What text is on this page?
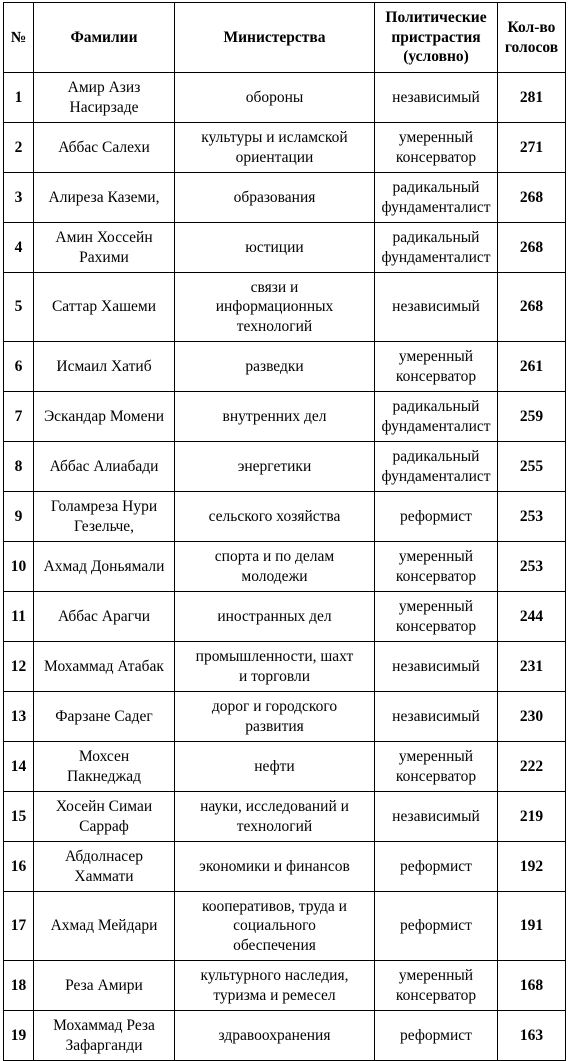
№	Фамилии	Министерства	Политические
пристрастия
(условно)	Кол-во
голосов

1	Амир Азиз
Насирзаде	обороны	независимый	281
2	Аббас Салехи	культуры и исламской
ориентации	умеренный
консерватор	271
3	Алиреза Каземи,	образования	радикальный
фундаменталист	268
4	Амин Хоссейн
Рахими	юстиции	радикальный
фундаменталист	268
5	Саттар Хашеми	связи и
информационных
технологий	независимый	268
6	Исмаил Хатиб	разведки	умеренный
консерватор	261
7	Эскандар Момени	внутренних дел	радикальный
фундаменталист	259
8	Аббас Алиабади	энергетики	радикальный
фундаменталист	255
9	Голамреза Нури
Гезельче,	сельского хозяйства	реформист	253
10	Ахмад Доньямали	спорта и по делам
молодежи	умеренный
консерватор	253
11	Аббас Арагчи	иностранных дел	умеренный
консерватор	244
12	Мохаммад Атабак	промышленности, шахт
и торговли	независимый	231
13	Фарзане Садег	дорог и городского
развития	независимый	230
14	Мохсен
Пакнеджад	нефти	умеренный
консерватор	222
15	Хосейн Симаи
Сарраф	науки, исследований и
технологий	независимый	219
16	Абдолнасер
Хаммати	экономики и финансов	реформист	192
17	Ахмад Мейдари	кооперативов, труда и
социального
обеспечения	реформист	191
18	Реза Амири	культурного наследия,
туризма и ремесел	умеренный
консерватор	168
19	Мохаммад Реза
Зафарганди	здравоохранения	реформист	163
